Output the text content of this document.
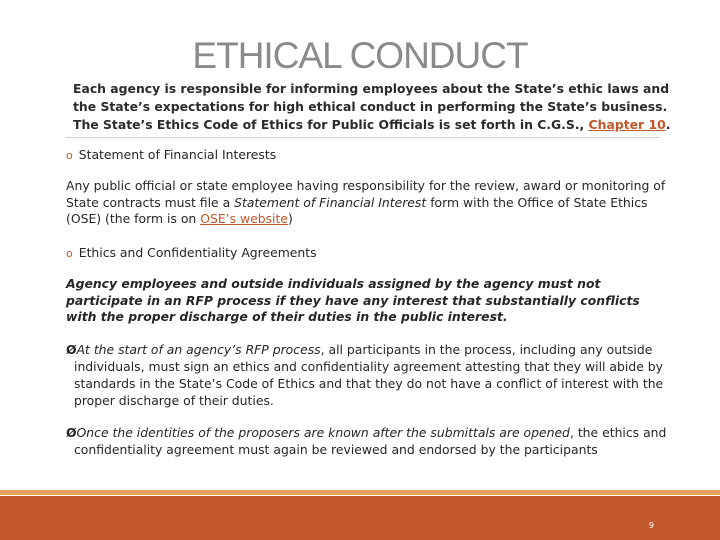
ETHICAL CONDUCT
Each agency is responsible for informing employees about the State’s ethic laws and the State’s expectations for high ethical conduct in performing the State’s business. The State’s Ethics Code of Ethics for Public Officials is set forth in C.G.S., Chapter 10.
o Statement of Financial Interests
Any public official or state employee having responsibility for the review, award or monitoring of State contracts must file a Statement of Financial Interest form with the Office of State Ethics (OSE) (the form is on OSE’s website)
o Ethics and Confidentiality Agreements
Agency employees and outside individuals assigned by the agency must not participate in an RFP process if they have any interest that substantially conflicts with the proper discharge of their duties in the public interest.
ØAt the start of an agency’s RFP process, all participants in the process, including any outside individuals, must sign an ethics and confidentiality agreement attesting that they will abide by standards in the State’s Code of Ethics and that they do not have a conflict of interest with the proper discharge of their duties.
ØOnce the identities of the proposers are known after the submittals are opened, the ethics and confidentiality agreement must again be reviewed and endorsed by the participants
9
